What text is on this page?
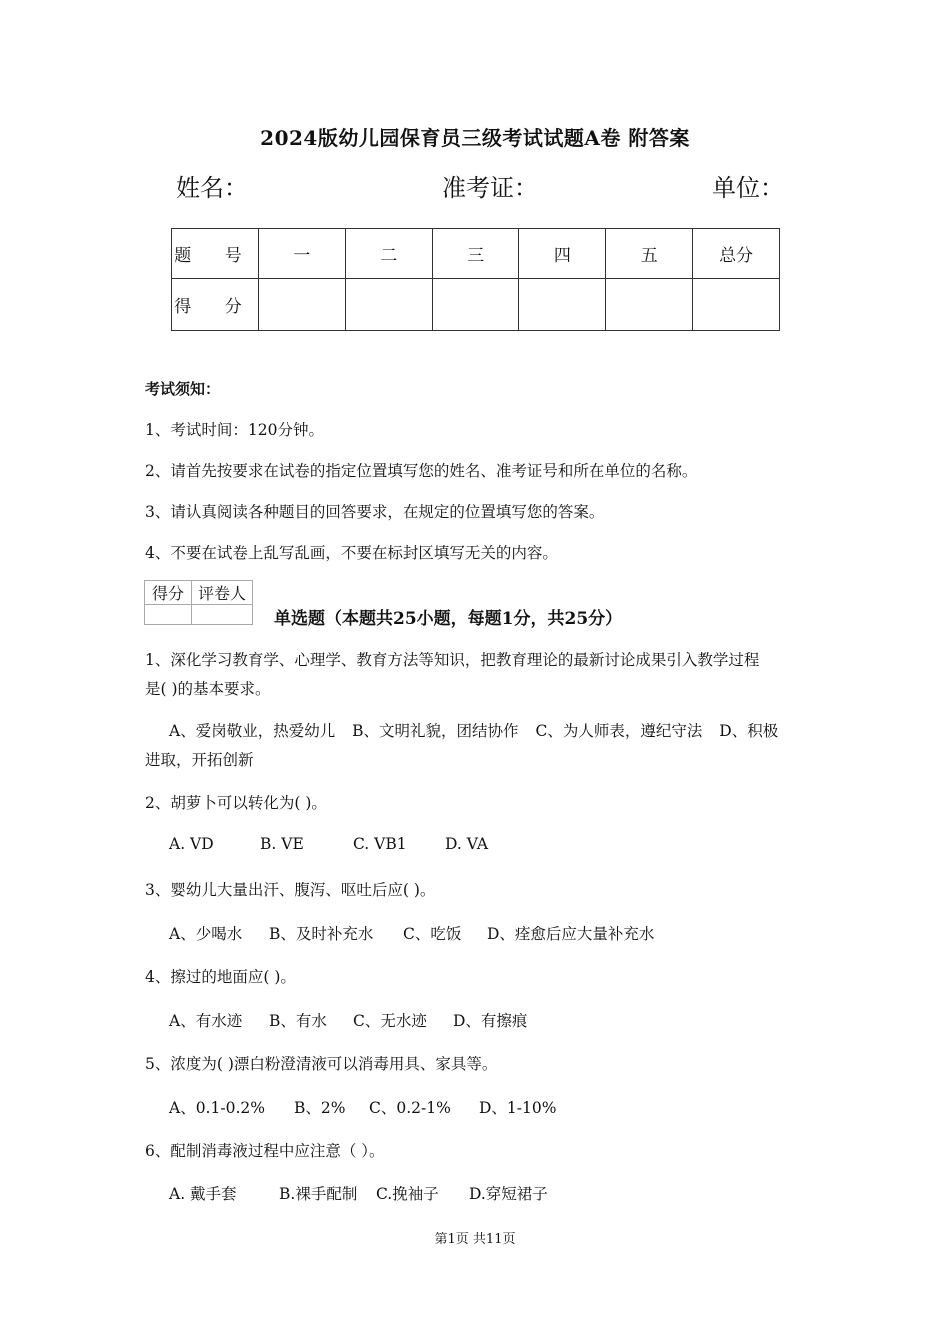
2024版幼儿园保育员三级考试试题A卷 附答案
姓名：	准考证：	单位：
题 号	一	二	三	四	五	总分
得 分						
考试须知：
1、考试时间：120分钟。
2、请首先按要求在试卷的指定位置填写您的姓名、准考证号和所在单位的名称。
3、请认真阅读各种题目的回答要求，在规定的位置填写您的答案。
4、不要在试卷上乱写乱画，不要在标封区填写无关的内容。
得分	评卷人

单选题（本题共25小题，每题1分，共25分）
1、深化学习教育学、心理学、教育方法等知识，把教育理论的最新讨论成果引入教学过程
是( )的基本要求。
A、爱岗敬业，热爱幼儿 B、文明礼貌，团结协作 C、为人师表，遵纪守法 D、积极
进取，开拓创新
2、胡萝卜可以转化为( )。
A. VD	B. VE	C. VB1 D. VA
3、婴幼儿大量出汗、腹泻、呕吐后应( )。
A、少喝水 B、及时补充水 C、吃饭 D、痊愈后应大量补充水
4、擦过的地面应( )。
A、有水迹 B、有水 C、无水迹 D、有擦痕
5、浓度为( )漂白粉澄清液可以消毒用具、家具等。
A、0.1-0.2% B、2% C、0.2-1% D、1-10%
6、配制消毒液过程中应注意（ ）。
A. 戴手套	B.裸手配制 C.挽袖子 D.穿短裙子
第1页 共11页
